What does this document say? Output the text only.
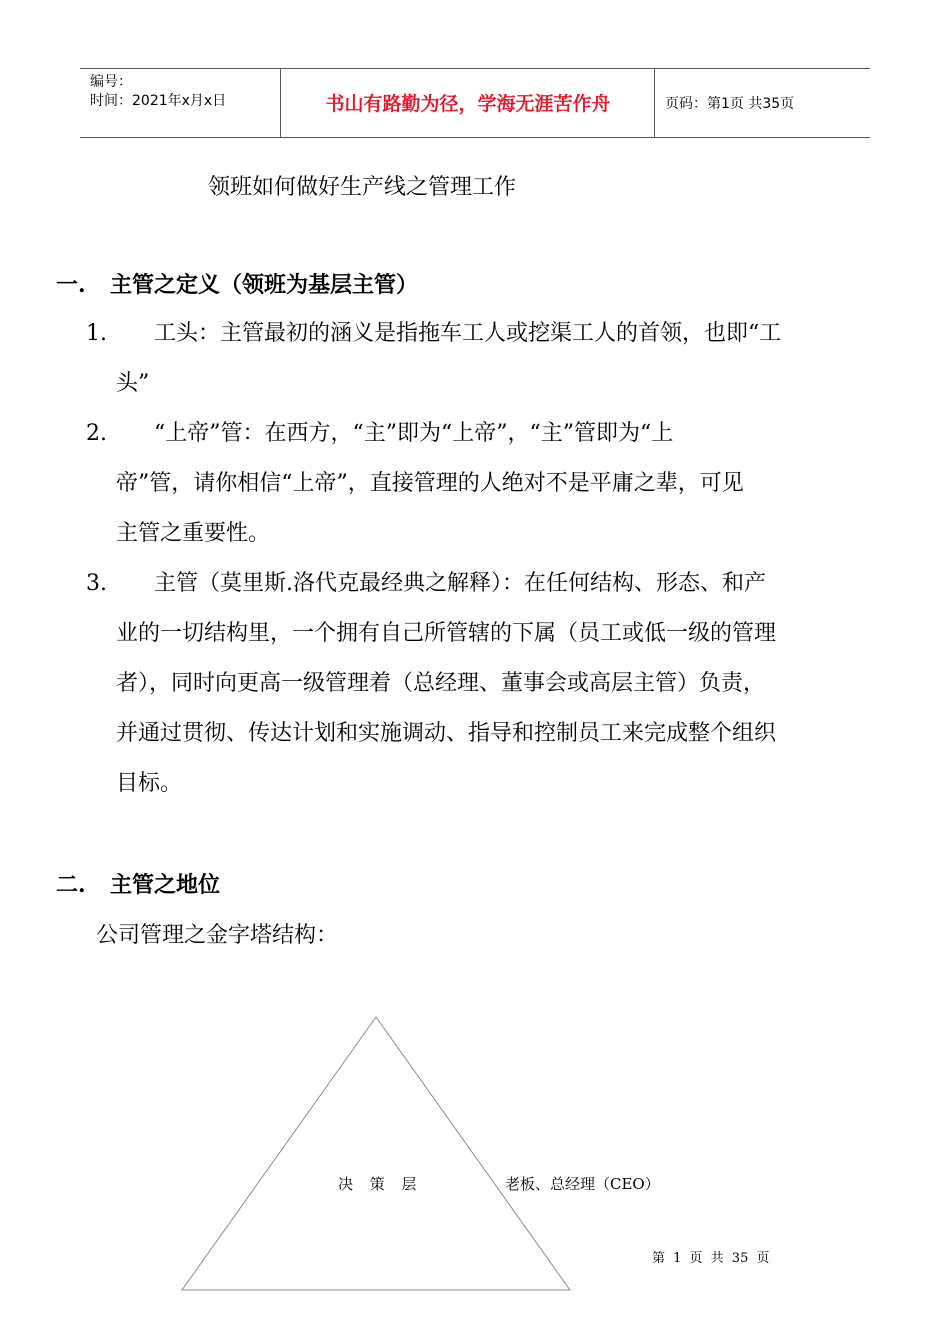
编号：
时间：2021年x月x日	书山有路勤为径，学海无涯苦作舟	页码：第1页 共35页
领班如何做好生产线之管理工作
一. 主管之定义（领班为基层主管）
1.	工头：主管最初的涵义是指拖车工人或挖渠工人的首领，也即“工
头”
2.	“上帝”管：在西方，“主”即为“上帝”，“主”管即为“上
帝”管，请你相信“上帝”，直接管理的人绝对不是平庸之辈，可见
主管之重要性。
3.	主管（莫里斯.洛代克最经典之解释）：在任何结构、形态、和产
业的一切结构里，一个拥有自己所管辖的下属（员工或低一级的管理
者），同时向更高一级管理着（总经理、董事会或高层主管）负责，
并通过贯彻、传达计划和实施调动、指导和控制员工来完成整个组织
目标。
二. 主管之地位
公司管理之金字塔结构：
决 策 层	老板、总经理（CEO）
第 1 页 共 35 页
